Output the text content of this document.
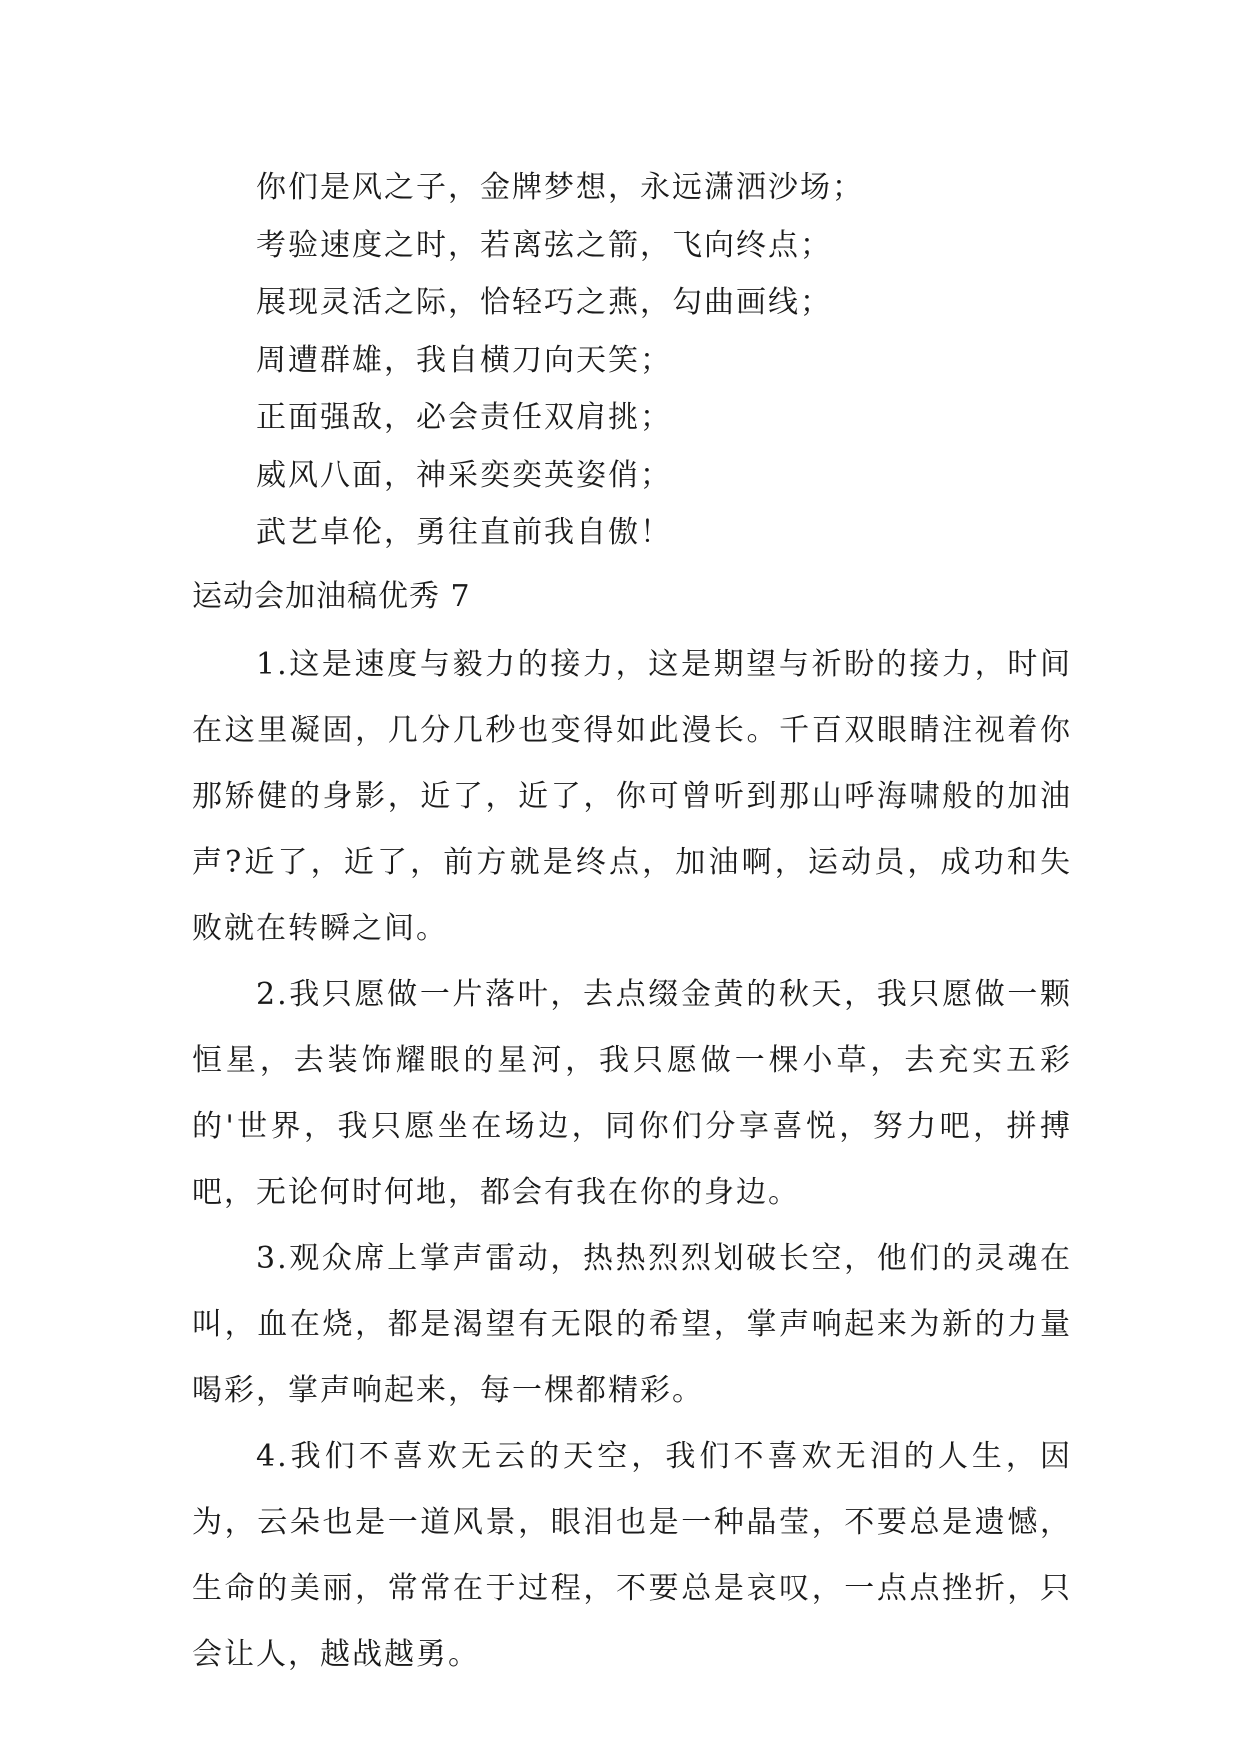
你们是风之子，金牌梦想，永远潇洒沙场；
考验速度之时，若离弦之箭，飞向终点；
展现灵活之际，恰轻巧之燕，勾曲画线；
周遭群雄，我自横刀向天笑；
正面强敌，必会责任双肩挑；
威风八面，神采奕奕英姿俏；
武艺卓伦，勇往直前我自傲！
运动会加油稿优秀 7

1.这是速度与毅力的接力，这是期望与祈盼的接力，时间在这里凝固，几分几秒也变得如此漫长。千百双眼睛注视着你那矫健的身影，近了，近了，你可曾听到那山呼海啸般的加油声?近了，近了，前方就是终点，加油啊，运动员，成功和失败就在转瞬之间。

2.我只愿做一片落叶，去点缀金黄的秋天，我只愿做一颗恒星，去装饰耀眼的星河，我只愿做一棵小草，去充实五彩的'世界，我只愿坐在场边，同你们分享喜悦，努力吧，拼搏吧，无论何时何地，都会有我在你的身边。

3.观众席上掌声雷动，热热烈烈划破长空，他们的灵魂在叫，血在烧，都是渴望有无限的希望，掌声响起来为新的力量喝彩，掌声响起来，每一棵都精彩。

4.我们不喜欢无云的天空，我们不喜欢无泪的人生，因为，云朵也是一道风景，眼泪也是一种晶莹，不要总是遗憾，生命的美丽，常常在于过程，不要总是哀叹，一点点挫折，只会让人，越战越勇。
